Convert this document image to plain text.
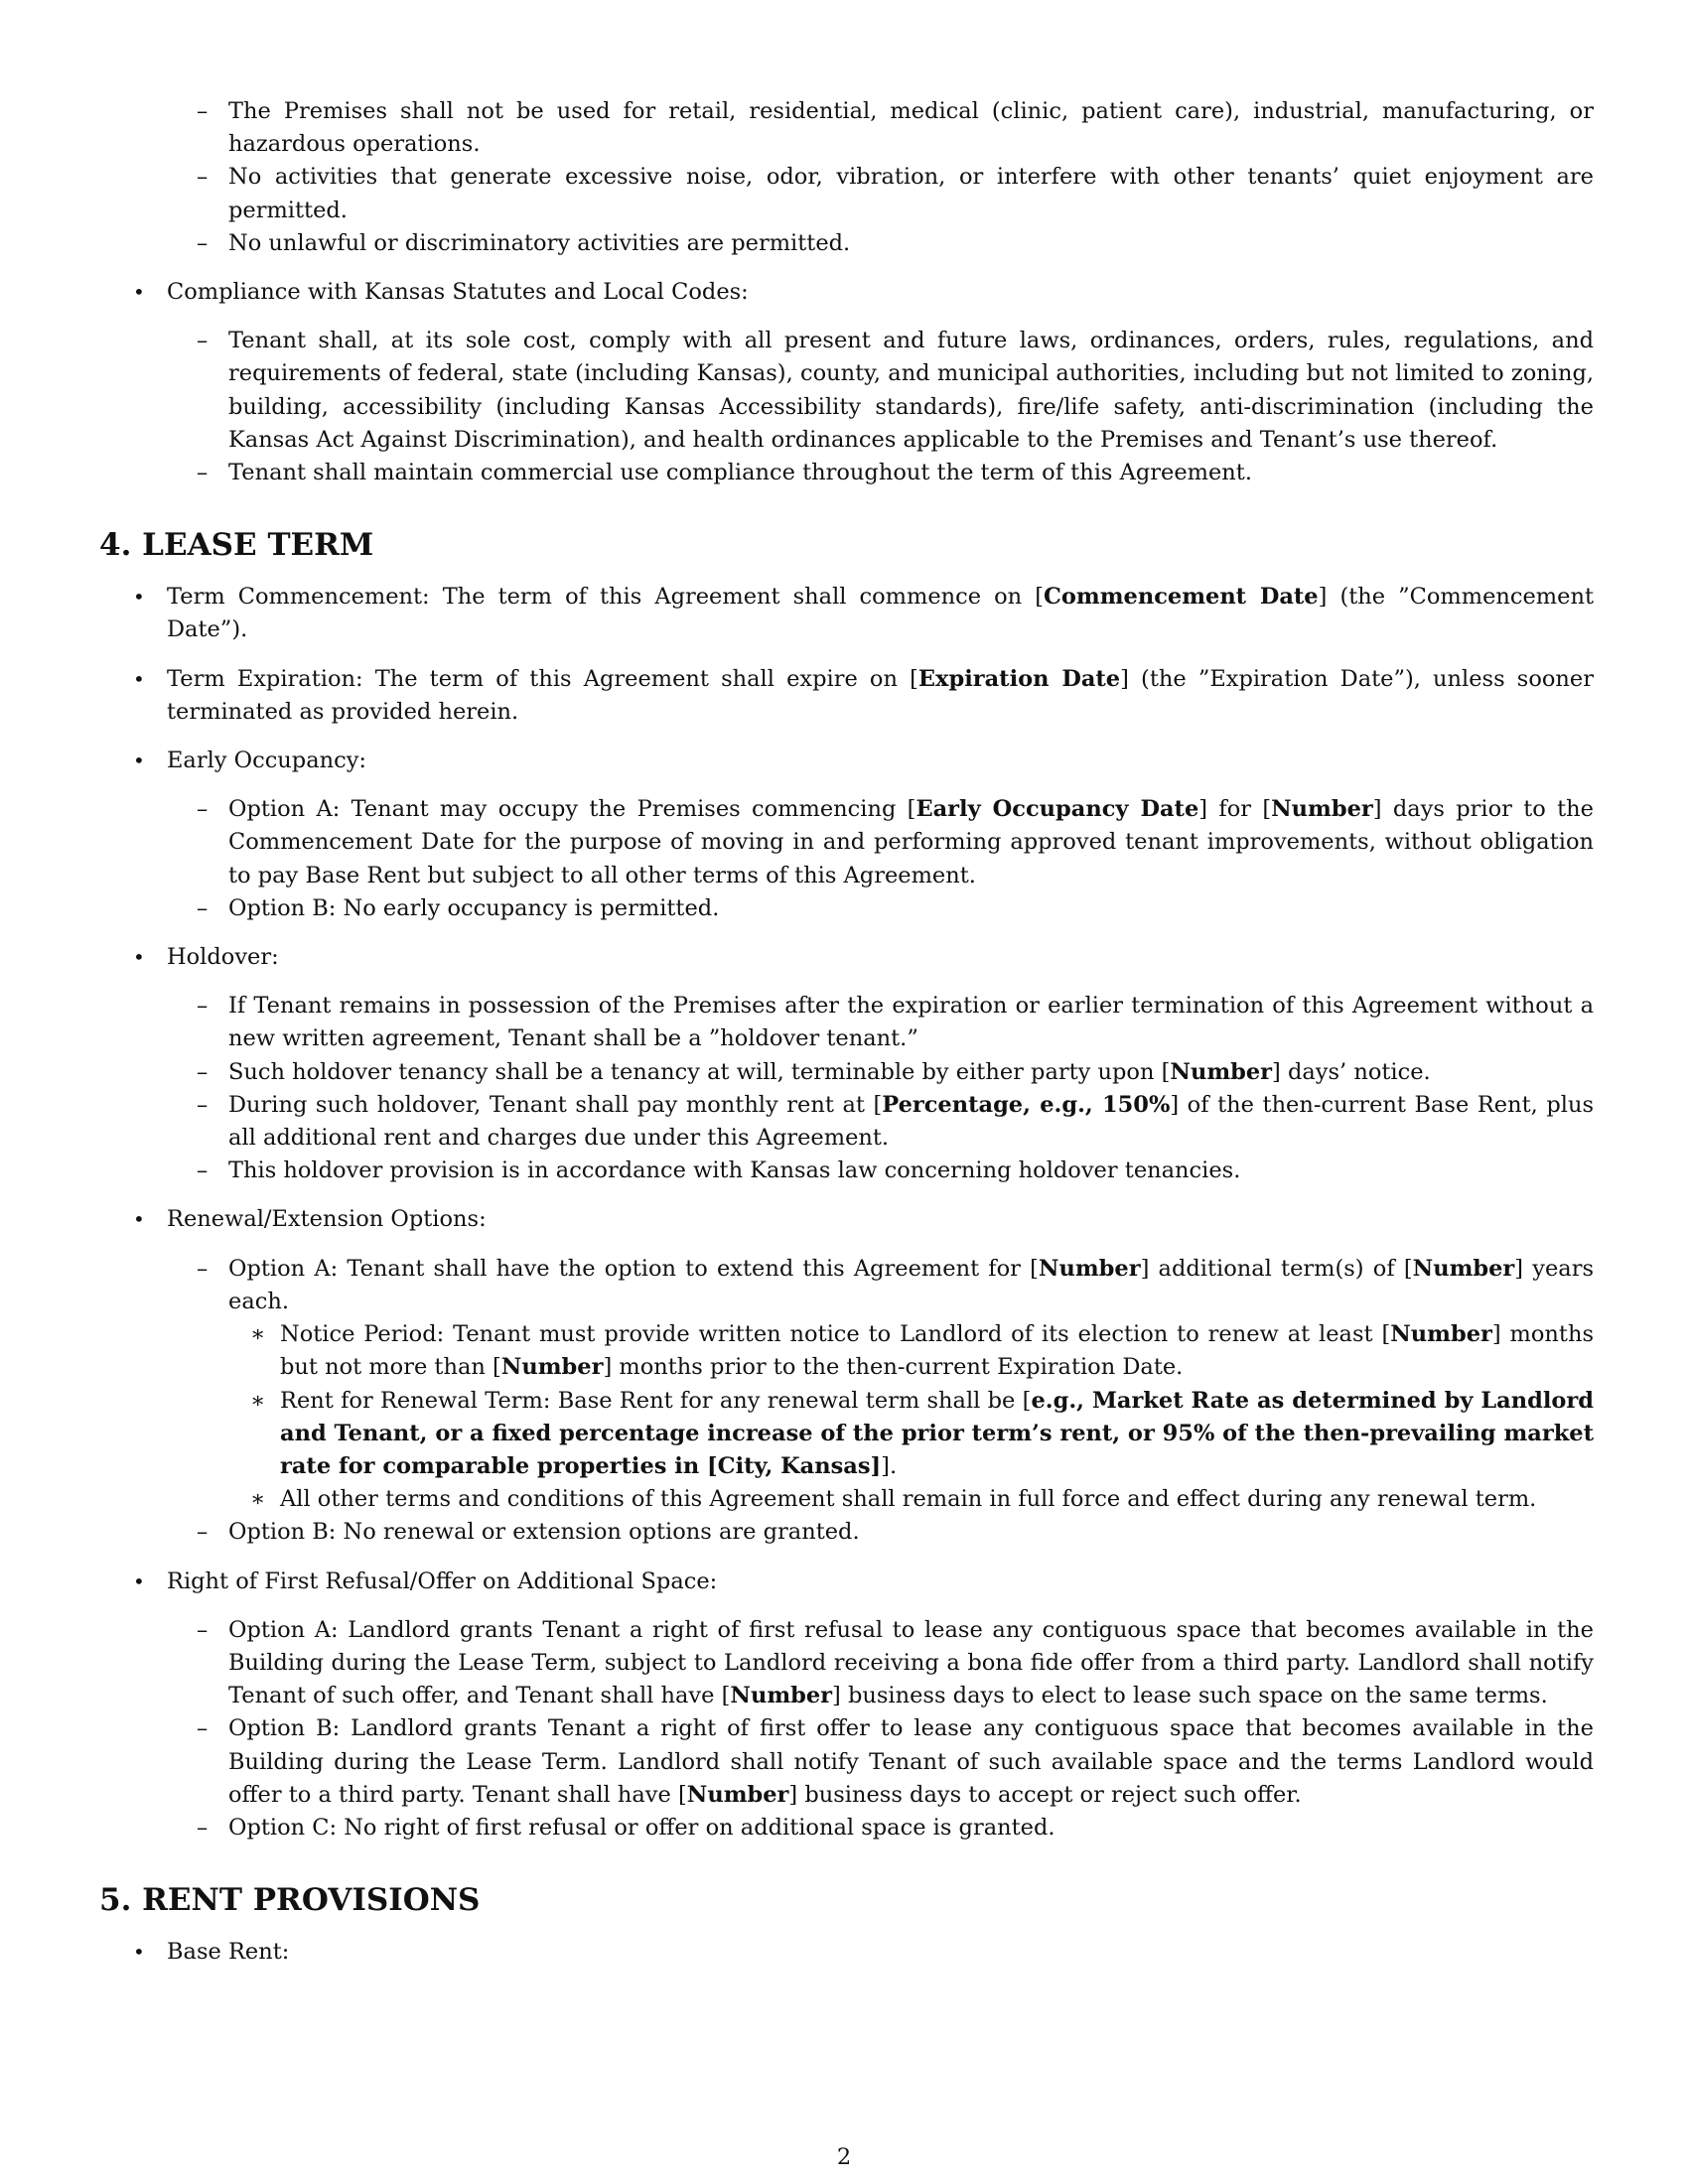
– The Premises shall not be used for retail, residential, medical (clinic, patient care), industrial, manufacturing, or hazardous operations.
– No activities that generate excessive noise, odor, vibration, or interfere with other tenants’ quiet enjoyment are permitted.
– No unlawful or discriminatory activities are permitted.
• Compliance with Kansas Statutes and Local Codes:
– Tenant shall, at its sole cost, comply with all present and future laws, ordinances, orders, rules, regulations, and requirements of federal, state (including Kansas), county, and municipal authorities, including but not limited to zoning, building, accessibility (including Kansas Accessibility standards), fire/life safety, anti-discrimination (including the Kansas Act Against Discrimination), and health ordinances applicable to the Premises and Tenant’s use thereof.
– Tenant shall maintain commercial use compliance throughout the term of this Agreement.
4. LEASE TERM
• Term Commencement: The term of this Agreement shall commence on [Commencement Date] (the ”Commencement Date”).
• Term Expiration: The term of this Agreement shall expire on [Expiration Date] (the ”Expiration Date”), unless sooner terminated as provided herein.
• Early Occupancy:
– Option A: Tenant may occupy the Premises commencing [Early Occupancy Date] for [Number] days prior to the Commencement Date for the purpose of moving in and performing approved tenant improvements, without obligation to pay Base Rent but subject to all other terms of this Agreement.
– Option B: No early occupancy is permitted.
• Holdover:
– If Tenant remains in possession of the Premises after the expiration or earlier termination of this Agreement without a new written agreement, Tenant shall be a ”holdover tenant.”
– Such holdover tenancy shall be a tenancy at will, terminable by either party upon [Number] days’ notice.
– During such holdover, Tenant shall pay monthly rent at [Percentage, e.g., 150%] of the then-current Base Rent, plus all additional rent and charges due under this Agreement.
– This holdover provision is in accordance with Kansas law concerning holdover tenancies.
• Renewal/Extension Options:
– Option A: Tenant shall have the option to extend this Agreement for [Number] additional term(s) of [Number] years each.
∗ Notice Period: Tenant must provide written notice to Landlord of its election to renew at least [Number] months but not more than [Number] months prior to the then-current Expiration Date.
∗ Rent for Renewal Term: Base Rent for any renewal term shall be [e.g., Market Rate as determined by Landlord and Tenant, or a fixed percentage increase of the prior term’s rent, or 95% of the then-prevailing market rate for comparable properties in [City, Kansas]].
∗ All other terms and conditions of this Agreement shall remain in full force and effect during any renewal term.
– Option B: No renewal or extension options are granted.
• Right of First Refusal/Offer on Additional Space:
– Option A: Landlord grants Tenant a right of first refusal to lease any contiguous space that becomes available in the Building during the Lease Term, subject to Landlord receiving a bona fide offer from a third party. Landlord shall notify Tenant of such offer, and Tenant shall have [Number] business days to elect to lease such space on the same terms.
– Option B: Landlord grants Tenant a right of first offer to lease any contiguous space that becomes available in the Building during the Lease Term. Landlord shall notify Tenant of such available space and the terms Landlord would offer to a third party. Tenant shall have [Number] business days to accept or reject such offer.
– Option C: No right of first refusal or offer on additional space is granted.
5. RENT PROVISIONS
• Base Rent:
2
